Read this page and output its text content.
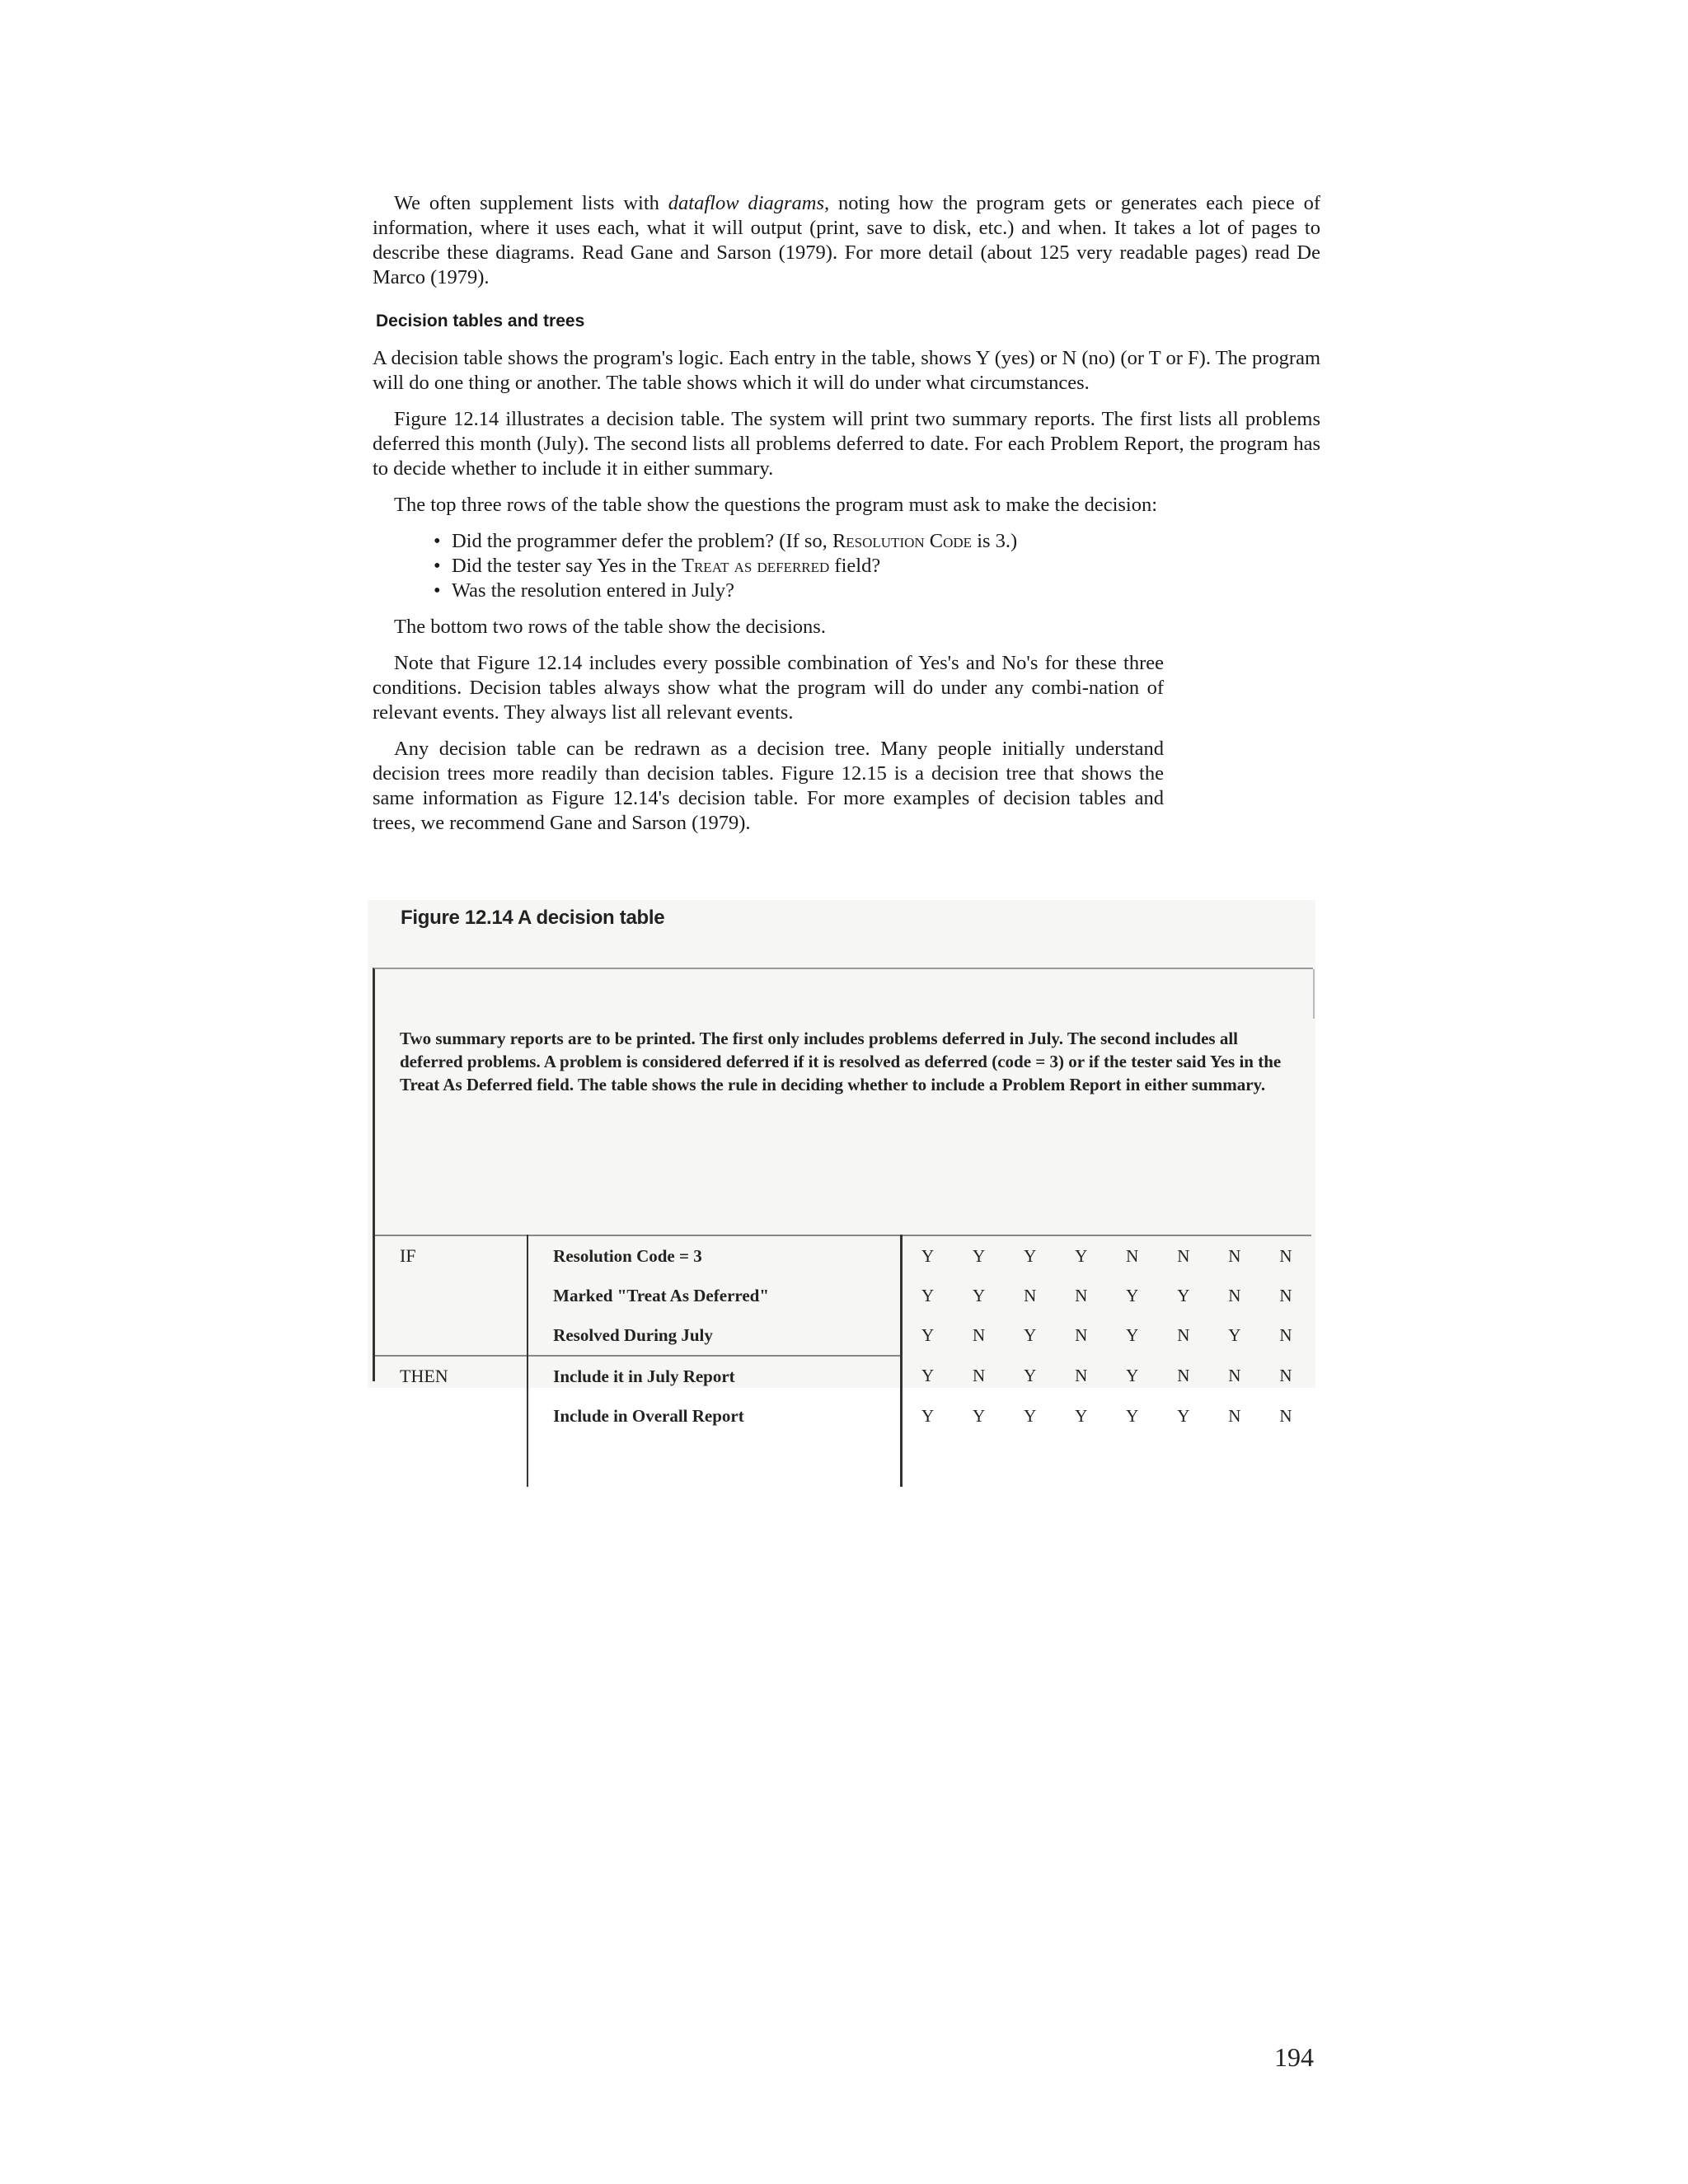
We often supplement lists with dataflow diagrams, noting how the program gets or generates each piece of information, where it uses each, what it will output (print, save to disk, etc.) and when. It takes a lot of pages to describe these diagrams. Read Gane and Sarson (1979). For more detail (about 125 very readable pages) read De Marco (1979).

Decision tables and trees

A decision table shows the program's logic. Each entry in the table, shows Y (yes) or N (no) (or T or F). The program will do one thing or another. The table shows which it will do under what circumstances.

Figure 12.14 illustrates a decision table. The system will print two summary reports. The first lists all problems deferred this month (July). The second lists all problems deferred to date. For each Problem Report, the program has to decide whether to include it in either summary.

The top three rows of the table show the questions the program must ask to make the decision:

• Did the programmer defer the problem? (If so, Resolution Code is 3.)
• Did the tester say Yes in the Treat as deferred field?
• Was the resolution entered in July?

The bottom two rows of the table show the decisions.

Note that Figure 12.14 includes every possible combination of Yes's and No's for these three conditions. Decision tables always show what the program will do under any combi-nation of relevant events. They always list all relevant events.

Any decision table can be redrawn as a decision tree. Many people initially understand decision trees more readily than decision tables. Figure 12.15 is a decision tree that shows the same information as Figure 12.14's decision table. For more examples of decision tables and trees, we recommend Gane and Sarson (1979).

Figure 12.14 A decision table
Two summary reports are to be printed. The first only includes problems deferred in July. The second includes all deferred problems. A problem is considered deferred if it is resolved as deferred (code = 3) or if the tester said Yes in the Treat As Deferred field. The table shows the rule in deciding whether to include a Problem Report in either summary.
IF	Resolution Code = 3	Y	Y	Y	Y	N	N	N	N
	Marked "Treat As Deferred"	Y	Y	N	N	Y	Y	N	N
	Resolved During July	Y	N	Y	N	Y	N	Y	N
THEN	Include it in July Report	Y	N	Y	N	Y	N	N	N
	Include in Overall Report	Y	Y	Y	Y	Y	Y	N	N

194
